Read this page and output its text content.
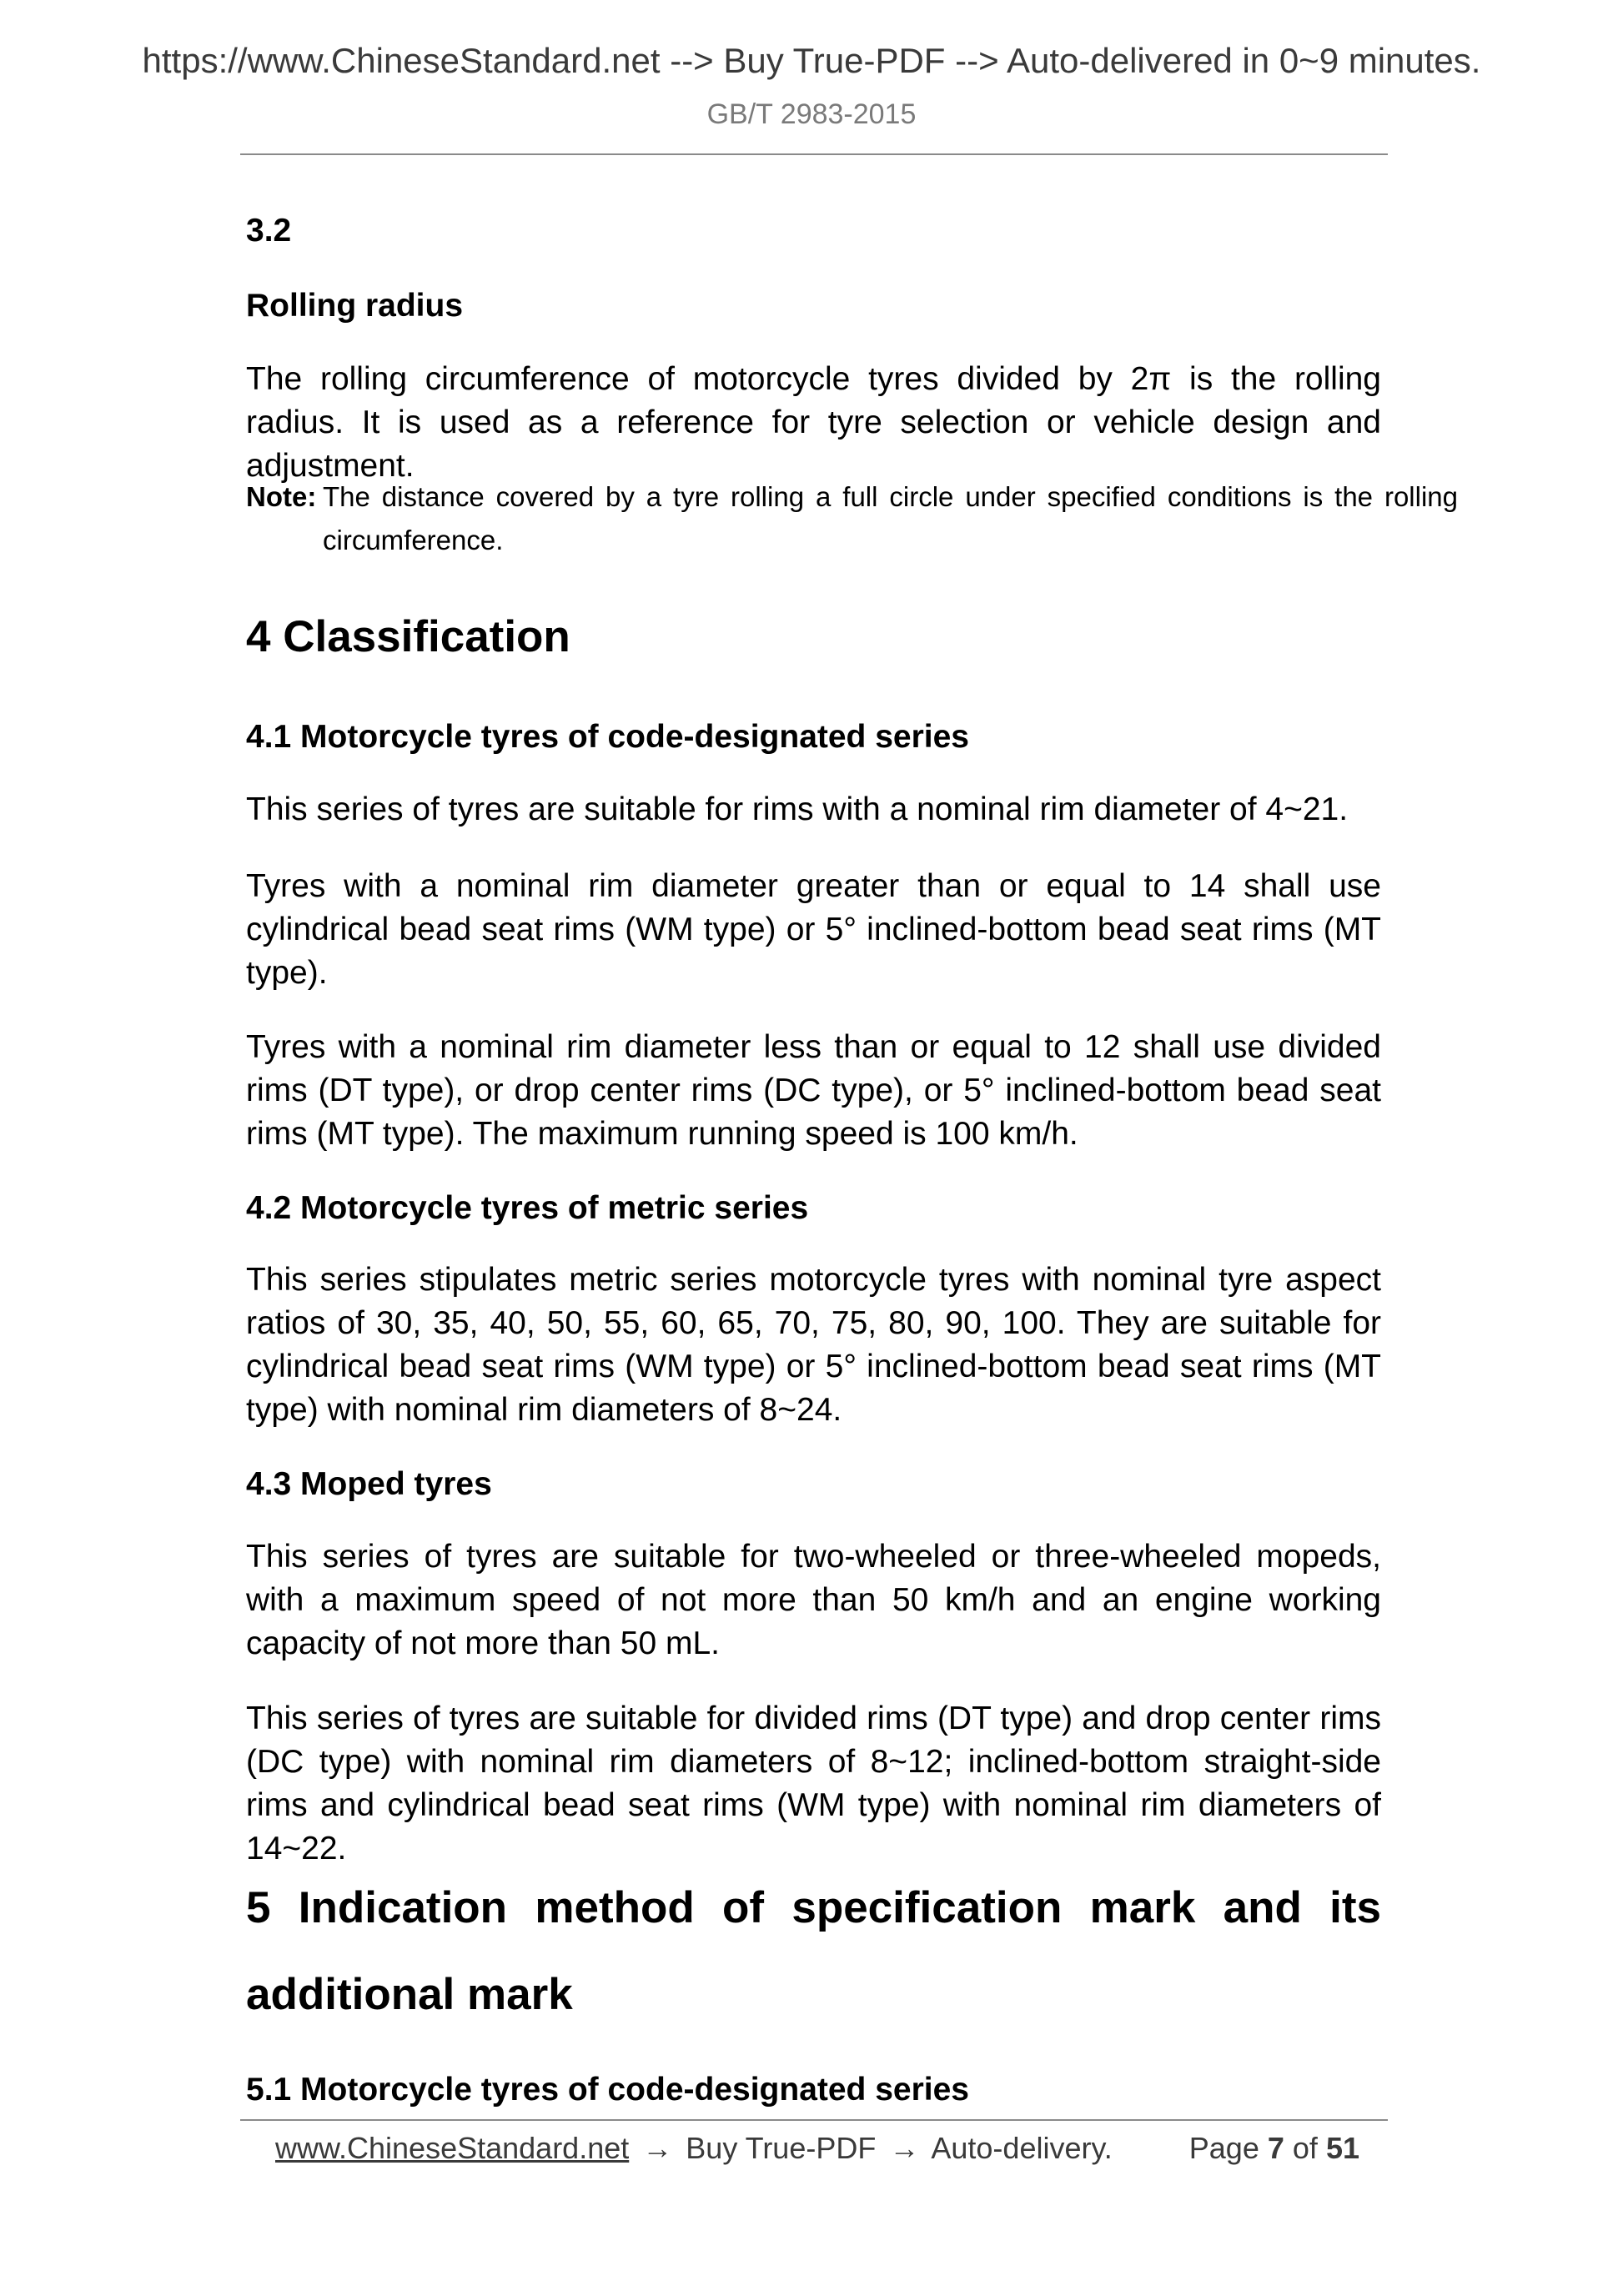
https://www.ChineseStandard.net --> Buy True-PDF --> Auto-delivered in 0~9 minutes.
GB/T 2983-2015
3.2
Rolling radius
The rolling circumference of motorcycle tyres divided by 2π is the rolling radius. It is used as a reference for tyre selection or vehicle design and adjustment.
Note: The distance covered by a tyre rolling a full circle under specified conditions is the rolling circumference.
4 Classification
4.1 Motorcycle tyres of code-designated series
This series of tyres are suitable for rims with a nominal rim diameter of 4~21.
Tyres with a nominal rim diameter greater than or equal to 14 shall use cylindrical bead seat rims (WM type) or 5° inclined-bottom bead seat rims (MT type).
Tyres with a nominal rim diameter less than or equal to 12 shall use divided rims (DT type), or drop center rims (DC type), or 5° inclined-bottom bead seat rims (MT type). The maximum running speed is 100 km/h.
4.2 Motorcycle tyres of metric series
This series stipulates metric series motorcycle tyres with nominal tyre aspect ratios of 30, 35, 40, 50, 55, 60, 65, 70, 75, 80, 90, 100. They are suitable for cylindrical bead seat rims (WM type) or 5° inclined-bottom bead seat rims (MT type) with nominal rim diameters of 8~24.
4.3 Moped tyres
This series of tyres are suitable for two-wheeled or three-wheeled mopeds, with a maximum speed of not more than 50 km/h and an engine working capacity of not more than 50 mL.
This series of tyres are suitable for divided rims (DT type) and drop center rims (DC type) with nominal rim diameters of 8~12; inclined-bottom straight-side rims and cylindrical bead seat rims (WM type) with nominal rim diameters of 14~22.
5 Indication method of specification mark and its additional mark
5.1 Motorcycle tyres of code-designated series
www.ChineseStandard.net → Buy True-PDF → Auto-delivery.	Page 7 of 51
